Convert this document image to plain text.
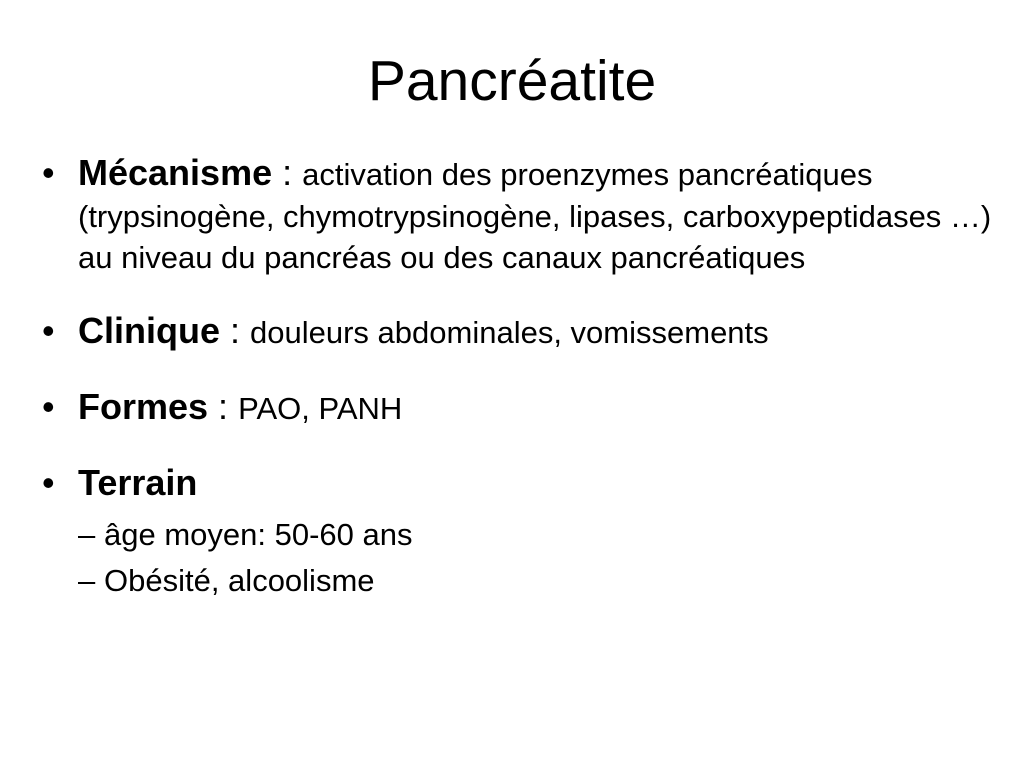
Pancréatite
• Mécanisme : activation des proenzymes pancréatiques (trypsinogène, chymotrypsinogène, lipases, carboxypeptidases …) au niveau du pancréas ou des canaux pancréatiques
• Clinique : douleurs abdominales, vomissements
• Formes : PAO, PANH
• Terrain
– âge moyen: 50-60 ans
– Obésité, alcoolisme
